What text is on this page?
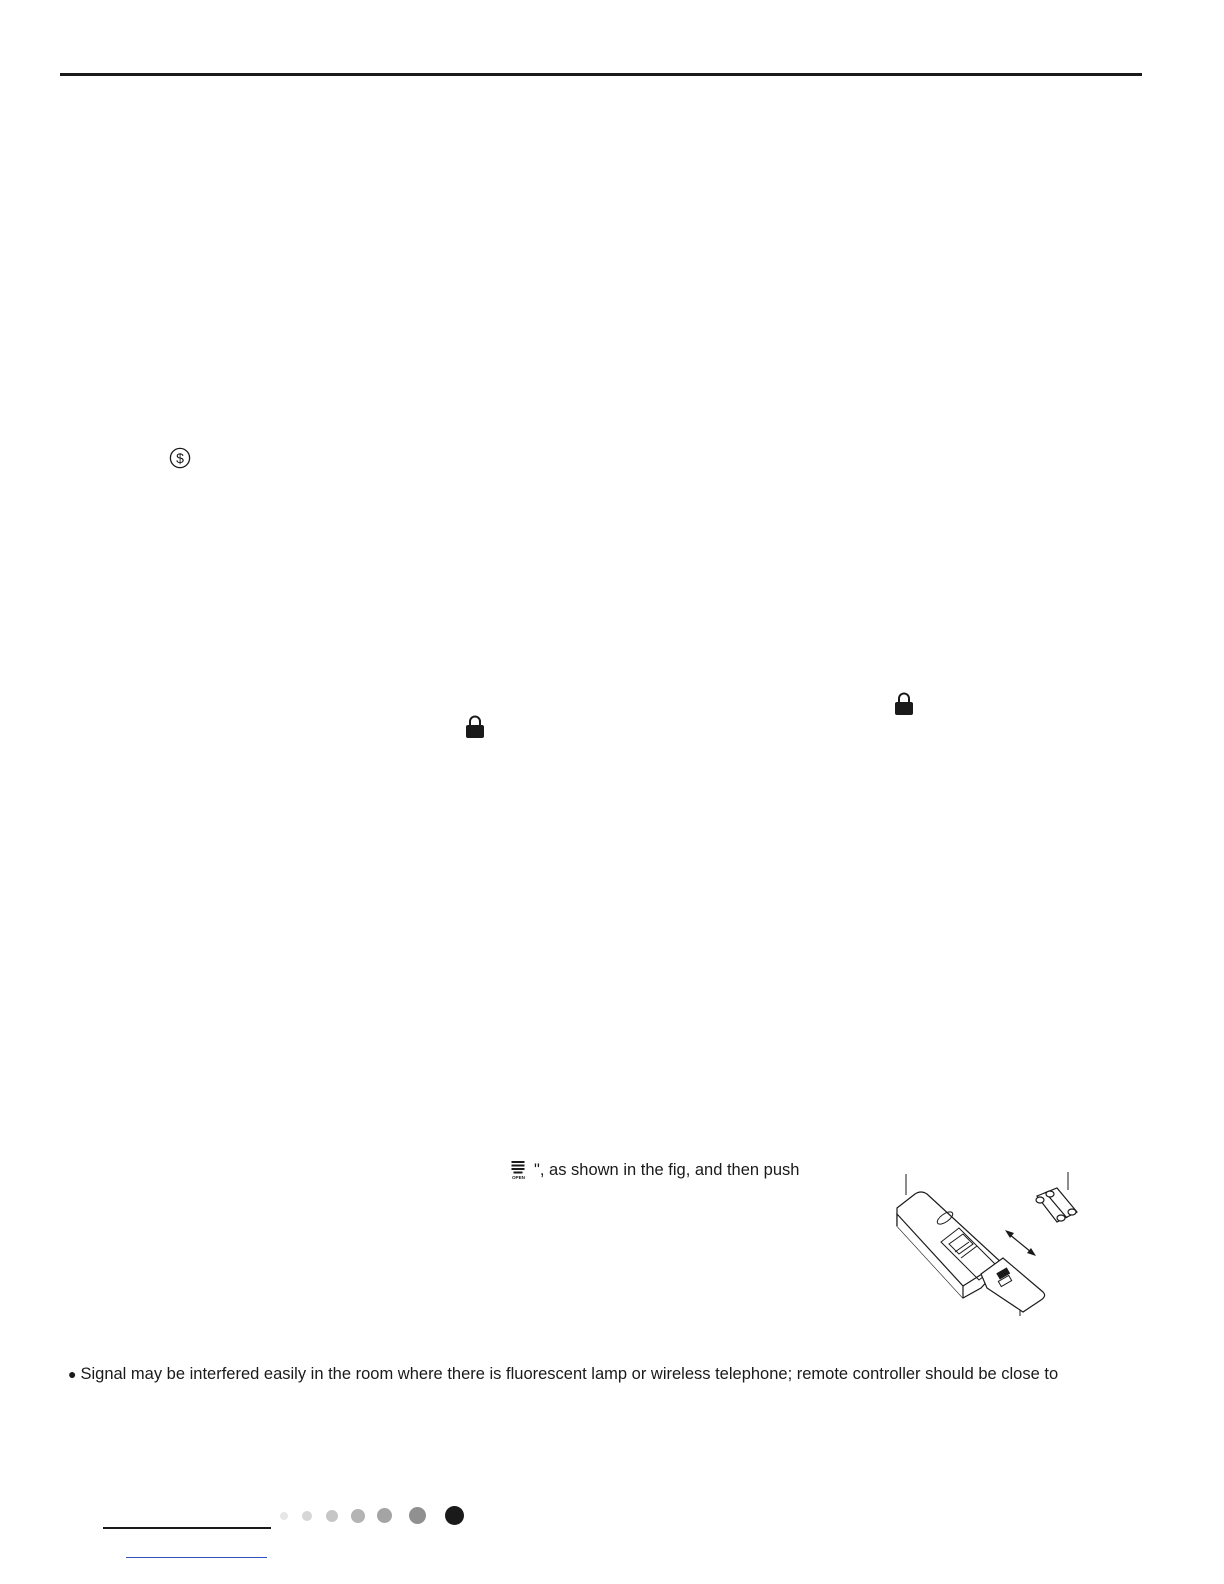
$
OPEN ", as shown in the fig, and then push
● Signal may be interfered easily in the room where there is fluorescent lamp or wireless telephone; remote controller should be close to
